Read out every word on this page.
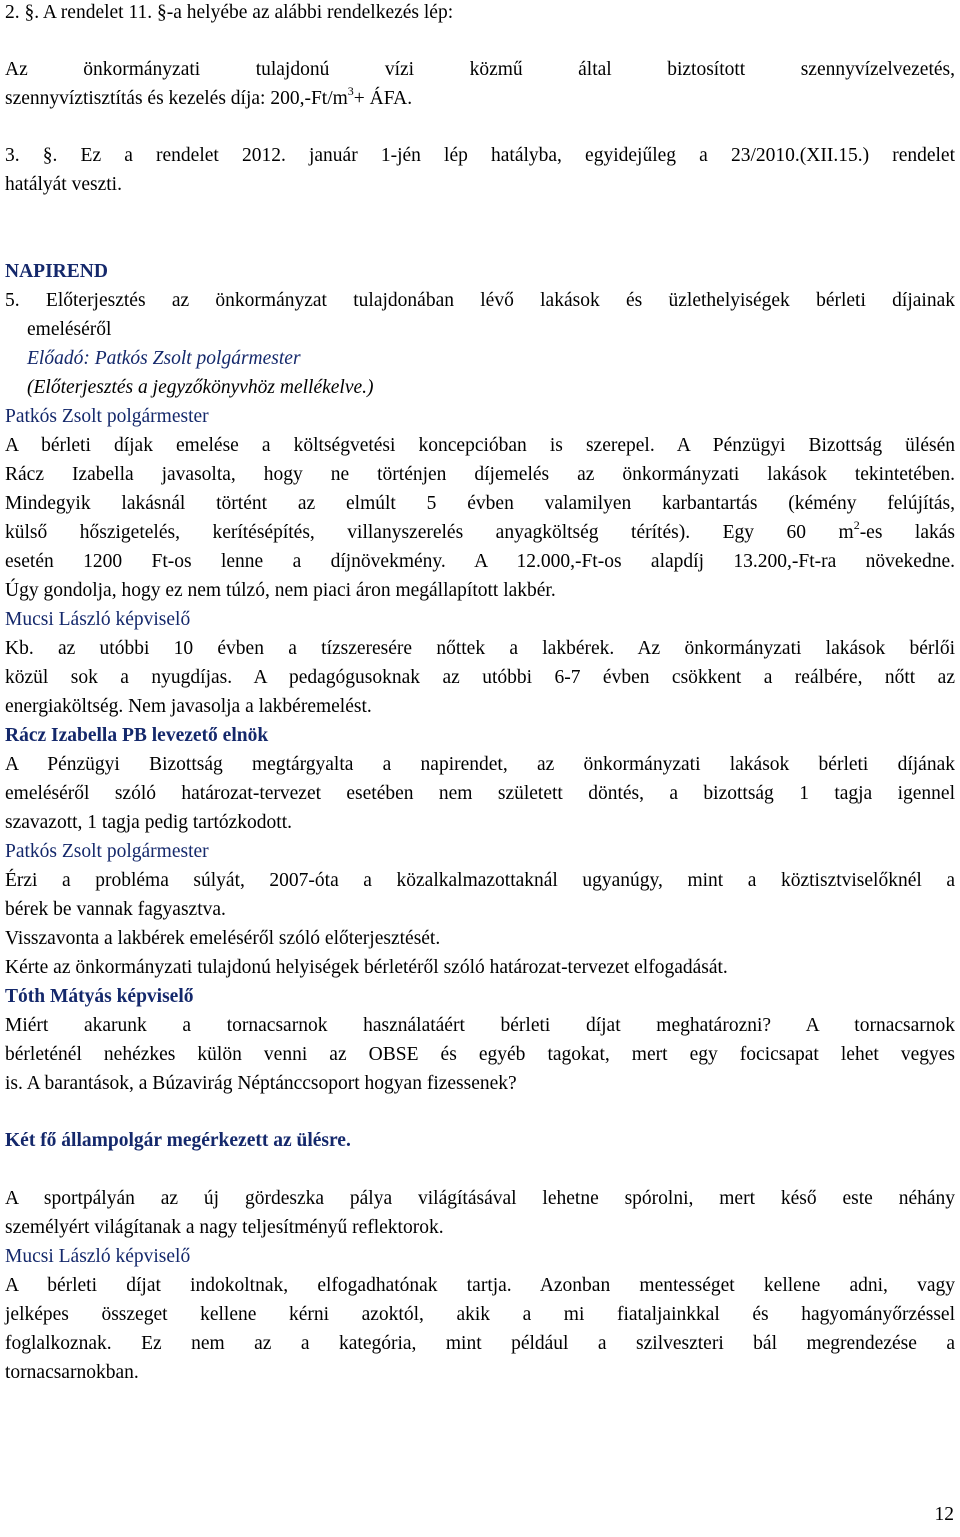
2. §. A rendelet 11. §-a helyébe az alábbi rendelkezés lép:
Az önkormányzati tulajdonú vízi közmű által biztosított szennyvízelvezetés,
szennyvíztisztítás és kezelés díja: $200,-Ft/m^3+$ ÁFA.
3. §. Ez a rendelet 2012. január 1-jén lép hatályba, egyidejűleg a 23/2010.(XII.15.) rendelet
hatályát veszti.
NAPIREND
5. Előterjesztés az önkormányzat tulajdonában lévő lakások és üzlethelyiségek bérleti díjainak
emeléséről
Előadó: Patkós Zsolt polgármester
(Előterjesztés a jegyzőkönyvhöz mellékelve.)
Patkós Zsolt polgármester
A bérleti díjak emelése a költségvetési koncepcióban is szerepel. A Pénzügyi Bizottság ülésén
Rácz Izabella javasolta, hogy ne történjen díjemelés az önkormányzati lakások tekintetében.
Mindegyik lakásnál történt az elmúlt 5 évben valamilyen karbantartás (kémény felújítás,
külső hőszigetelés, kerítésépítés, villanyszerelés anyagköltség térítés). Egy 60 $m^2-es$ lakás
esetén 1200 Ft-os lenne a díjnövekmény. A 12.000,-Ft-os alapdíj 13.200,-Ft-ra növekedne.
Úgy gondolja, hogy ez nem túlzó, nem piaci áron megállapított lakbér.
Mucsi László képviselő
Kb. az utóbbi 10 évben a tízszeresére nőttek a lakbérek. Az önkormányzati lakások bérlői
közül sok a nyugdíjas. A pedagógusoknak az utóbbi 6-7 évben csökkent a reálbére, nőtt az
energiaköltség. Nem javasolja a lakbéremelést.
Rácz Izabella PB levezető elnök
A Pénzügyi Bizottság megtárgyalta a napirendet, az önkormányzati lakások bérleti díjának
emeléséről szóló határozat-tervezet esetében nem született döntés, a bizottság 1 tagja igennel
szavazott, 1 tagja pedig tartózkodott.
Patkós Zsolt polgármester
Érzi a probléma súlyát, 2007-óta a közalkalmazottaknál ugyanúgy, mint a köztisztviselőknél a
bérek be vannak fagyasztva.
Visszavonta a lakbérek emeléséről szóló előterjesztését.
Kérte az önkormányzati tulajdonú helyiségek bérletéről szóló határozat-tervezet elfogadását.
Tóth Mátyás képviselő
Miért akarunk a tornacsarnok használatáért bérleti díjat meghatározni? A tornacsarnok
bérleténél nehézkes külön venni az OBSE és egyéb tagokat, mert egy focicsapat lehet vegyes
is. A barantások, a Búzavirág Néptánccsoport hogyan fizessenek?
Két fő állampolgár megérkezett az ülésre.
A sportpályán az új gördeszka pálya világításával lehetne spórolni, mert késő este néhány
személyért világítanak a nagy teljesítményű reflektorok.
Mucsi László képviselő
A bérleti díjat indokoltnak, elfogadhatónak tartja. Azonban mentességet kellene adni, vagy
jelképes összeget kellene kérni azoktól, akik a mi fiataljainkkal és hagyományőrzéssel
foglalkoznak. Ez nem az a kategória, mint például a szilveszteri bál megrendezése a
tornacsarnokban.
12
